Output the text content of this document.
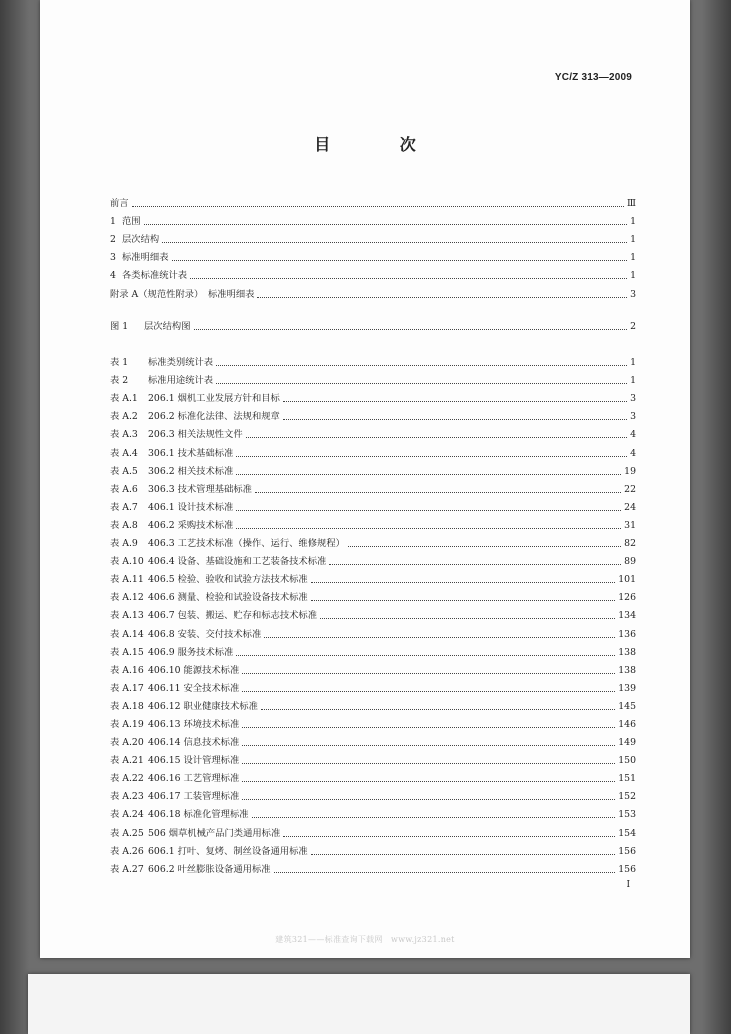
YC/Z 313—2009
目 次
前言	Ⅲ
1 范围	1
2 层次结构	1
3 标准明细表	1
4 各类标准统计表	1
附录 A（规范性附录）　标准明细表	3
图 1	层次结构图	2
表 1	标准类别统计表	1
表 2	标准用途统计表	1
表 A.1	206.1 烟机工业发展方针和目标	3
表 A.2	206.2 标准化法律、法规和规章	3
表 A.3	206.3 相关法规性文件	4
表 A.4	306.1 技术基础标准	4
表 A.5	306.2 相关技术标准	19
表 A.6	306.3 技术管理基础标准	22
表 A.7	406.1 设计技术标准	24
表 A.8	406.2 采购技术标准	31
表 A.9	406.3 工艺技术标准（操作、运行、维修规程）	82
表 A.10 406.4 设备、基础设施和工艺装备技术标准	89
表 A.11 406.5 检验、验收和试验方法技术标准	101
表 A.12 406.6 测量、检验和试验设备技术标准	126
表 A.13 406.7 包装、搬运、贮存和标志技术标准	134
表 A.14 406.8 安装、交付技术标准	136
表 A.15 406.9 服务技术标准	138
表 A.16 406.10 能源技术标准	138
表 A.17 406.11 安全技术标准	139
表 A.18 406.12 职业健康技术标准	145
表 A.19 406.13 环境技术标准	146
表 A.20 406.14 信息技术标准	149
表 A.21 406.15 设计管理标准	150
表 A.22 406.16 工艺管理标准	151
表 A.23 406.17 工装管理标准	152
表 A.24 406.18 标准化管理标准	153
表 A.25 506 烟草机械产品门类通用标准	154
表 A.26 606.1 打叶、复烤、制丝设备通用标准	156
表 A.27 606.2 叶丝膨胀设备通用标准	156
I
建筑321——标准查询下载网　www.jz321.net
